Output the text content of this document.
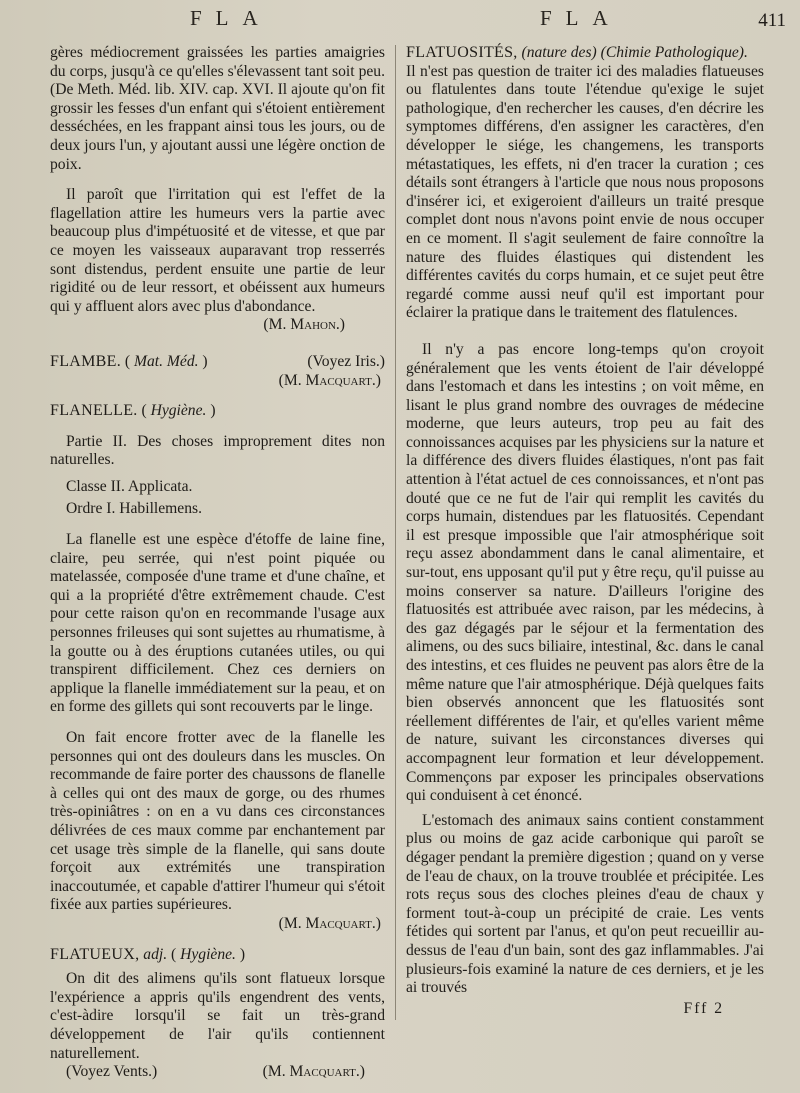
FLA	FLA	411

gères médiocrement graissées les parties amaigries du corps, jusqu'à ce qu'elles s'élevassent tant soit peu. (De Meth. Méd. lib. XIV. cap. XVI. Il ajoute qu'on fit grossir les fesses d'un enfant qui s'étoient entièrement desséchées, en les frappant ainsi tous les jours, ou de deux jours l'un, y ajoutant aussi une légère onction de poix.

Il paroît que l'irritation qui est l'effet de la flagellation attire les humeurs vers la partie avec beaucoup plus d'impétuosité et de vitesse, et que par ce moyen les vaisseaux auparavant trop resserrés sont distendus, perdent ensuite une partie de leur rigidité ou de leur ressort, et obéissent aux humeurs qui y affluent alors avec plus d'abondance.

(M. Mahon.)
FLAMBE. ( Mat. Méd. )	(Voyez Iris.)
(M. Macquart.)
FLANELLE. ( Hygiène. )

Partie II. Des choses improprement dites non naturelles.

Classe II. Applicata.

Ordre I. Habillemens.

La flanelle est une espèce d'étoffe de laine fine, claire, peu serrée, qui n'est point piquée ou matelassée, composée d'une trame et d'une chaîne, et qui a la propriété d'être extrêmement chaude. C'est pour cette raison qu'on en recommande l'usage aux personnes frileuses qui sont sujettes au rhumatisme, à la goutte ou à des éruptions cutanées utiles, ou qui transpirent difficilement. Chez ces derniers on applique la flanelle immédiatement sur la peau, et on en forme des gillets qui sont recouverts par le linge.

On fait encore frotter avec de la flanelle les personnes qui ont des douleurs dans les muscles. On recommande de faire porter des chaussons de flanelle à celles qui ont des maux de gorge, ou des rhumes très-opiniâtres : on en a vu dans ces circonstances délivrées de ces maux comme par enchantement par cet usage très simple de la flanelle, qui sans doute forçoit aux extrémités une transpiration inaccoutumée, et capable d'attirer l'humeur qui s'étoit fixée aux parties supérieures.

(M. Macquart.)
FLATUEUX, adj. ( Hygiène. )

On dit des alimens qu'ils sont flatueux lorsque l'expérience a appris qu'ils engendrent des vents, c'est-àdire lorsqu'il se fait un très-grand développement de l'air qu'ils contiennent naturellement.

(Voyez Vents.)	(M. Macquart.)
FLATUOSITÉS, (nature des) (Chimie Pathologique).

Il n'est pas question de traiter ici des maladies flatueuses ou flatulentes dans toute l'étendue qu'exige le sujet pathologique, d'en rechercher les causes, d'en décrire les symptomes différens, d'en assigner les caractères, d'en développer le siége, les changemens, les transports métastatiques, les effets, ni d'en tracer la curation ; ces détails sont étrangers à l'article que nous nous proposons d'insérer ici, et exigeroient d'ailleurs un traité presque complet dont nous n'avons point envie de nous occuper en ce moment. Il s'agit seulement de faire connoître la nature des fluides élastiques qui distendent les différentes cavités du corps humain, et ce sujet peut être regardé comme aussi neuf qu'il est important pour éclairer la pratique dans le traitement des flatulences.

Il n'y a pas encore long-temps qu'on croyoit généralement que les vents étoient de l'air développé dans l'estomach et dans les intestins ; on voit même, en lisant le plus grand nombre des ouvrages de médecine moderne, que leurs auteurs, trop peu au fait des connoissances acquises par les physiciens sur la nature et la différence des divers fluides élastiques, n'ont pas fait attention à l'état actuel de ces connoissances, et n'ont pas douté que ce ne fut de l'air qui remplit les cavités du corps humain, distendues par les flatuosités. Cependant il est presque impossible que l'air atmosphérique soit reçu assez abondamment dans le canal alimentaire, et sur-tout, ens upposant qu'il put y être reçu, qu'il puisse au moins conserver sa nature. D'ailleurs l'origine des flatuosités est attribuée avec raison, par les médecins, à des gaz dégagés par le séjour et la fermentation des alimens, ou des sucs biliaire, intestinal, &c. dans le canal des intestins, et ces fluides ne peuvent pas alors être de la même nature que l'air atmosphérique. Déjà quelques faits bien observés annoncent que les flatuosités sont réellement différentes de l'air, et qu'elles varient même de nature, suivant les circonstances diverses qui accompagnent leur formation et leur développement. Commençons par exposer les principales observations qui conduisent à cet énoncé.

L'estomach des animaux sains contient constamment plus ou moins de gaz acide carbonique qui paroît se dégager pendant la première digestion ; quand on y verse de l'eau de chaux, on la trouve troublée et précipitée. Les rots reçus sous des cloches pleines d'eau de chaux y forment tout-à-coup un précipité de craie. Les vents fétides qui sortent par l'anus, et qu'on peut recueillir au-dessus de l'eau d'un bain, sont des gaz inflammables. J'ai plusieurs-fois examiné la nature de ces derniers, et je les ai trouvés

Fff 2
